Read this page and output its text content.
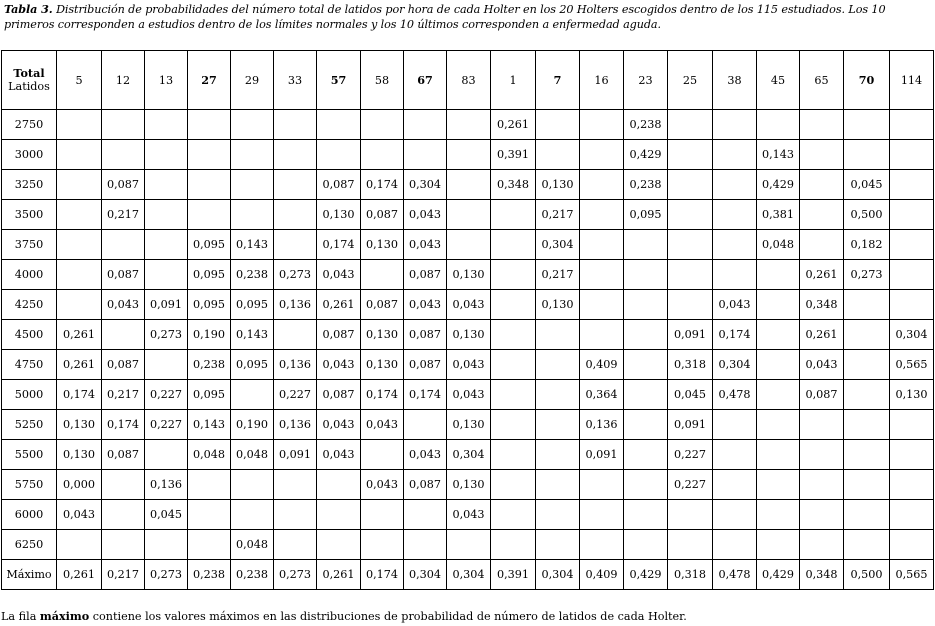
Tabla 3. Distribución de probabilidades del número total de latidos por hora de cada Holter en los 20 Holters escogidos dentro de los 115 estudiados. Los 10 primeros corresponden a estudios dentro de los límites normales y los 10 últimos corresponden a enfermedad aguda.
Total
Latidos	5	12	13	27	29	33	57	58	67	83	1	7	16	23	25	38	45	65	70	114
2750											0,261			0,238						
3000											0,391			0,429			0,143			
3250		0,087					0,087	0,174	0,304		0,348	0,130		0,238			0,429		0,045	
3500		0,217					0,130	0,087	0,043			0,217		0,095			0,381		0,500	
3750				0,095	0,143		0,174	0,130	0,043			0,304					0,048		0,182	
4000		0,087		0,095	0,238	0,273	0,043		0,087	0,130		0,217						0,261	0,273	
4250		0,043	0,091	0,095	0,095	0,136	0,261	0,087	0,043	0,043		0,130				0,043		0,348		
4500	0,261		0,273	0,190	0,143		0,087	0,130	0,087	0,130					0,091	0,174		0,261		0,304
4750	0,261	0,087		0,238	0,095	0,136	0,043	0,130	0,087	0,043			0,409		0,318	0,304		0,043		0,565
5000	0,174	0,217	0,227	0,095		0,227	0,087	0,174	0,174	0,043			0,364		0,045	0,478		0,087		0,130
5250	0,130	0,174	0,227	0,143	0,190	0,136	0,043	0,043		0,130			0,136		0,091					
5500	0,130	0,087		0,048	0,048	0,091	0,043		0,043	0,304			0,091		0,227					
5750	0,000		0,136					0,043	0,087	0,130					0,227					
6000	0,043		0,045							0,043										
6250					0,048															
Máximo	0,261	0,217	0,273	0,238	0,238	0,273	0,261	0,174	0,304	0,304	0,391	0,304	0,409	0,429	0,318	0,478	0,429	0,348	0,500	0,565
La fila máximo contiene los valores máximos en las distribuciones de probabilidad de número de latidos de cada Holter.
